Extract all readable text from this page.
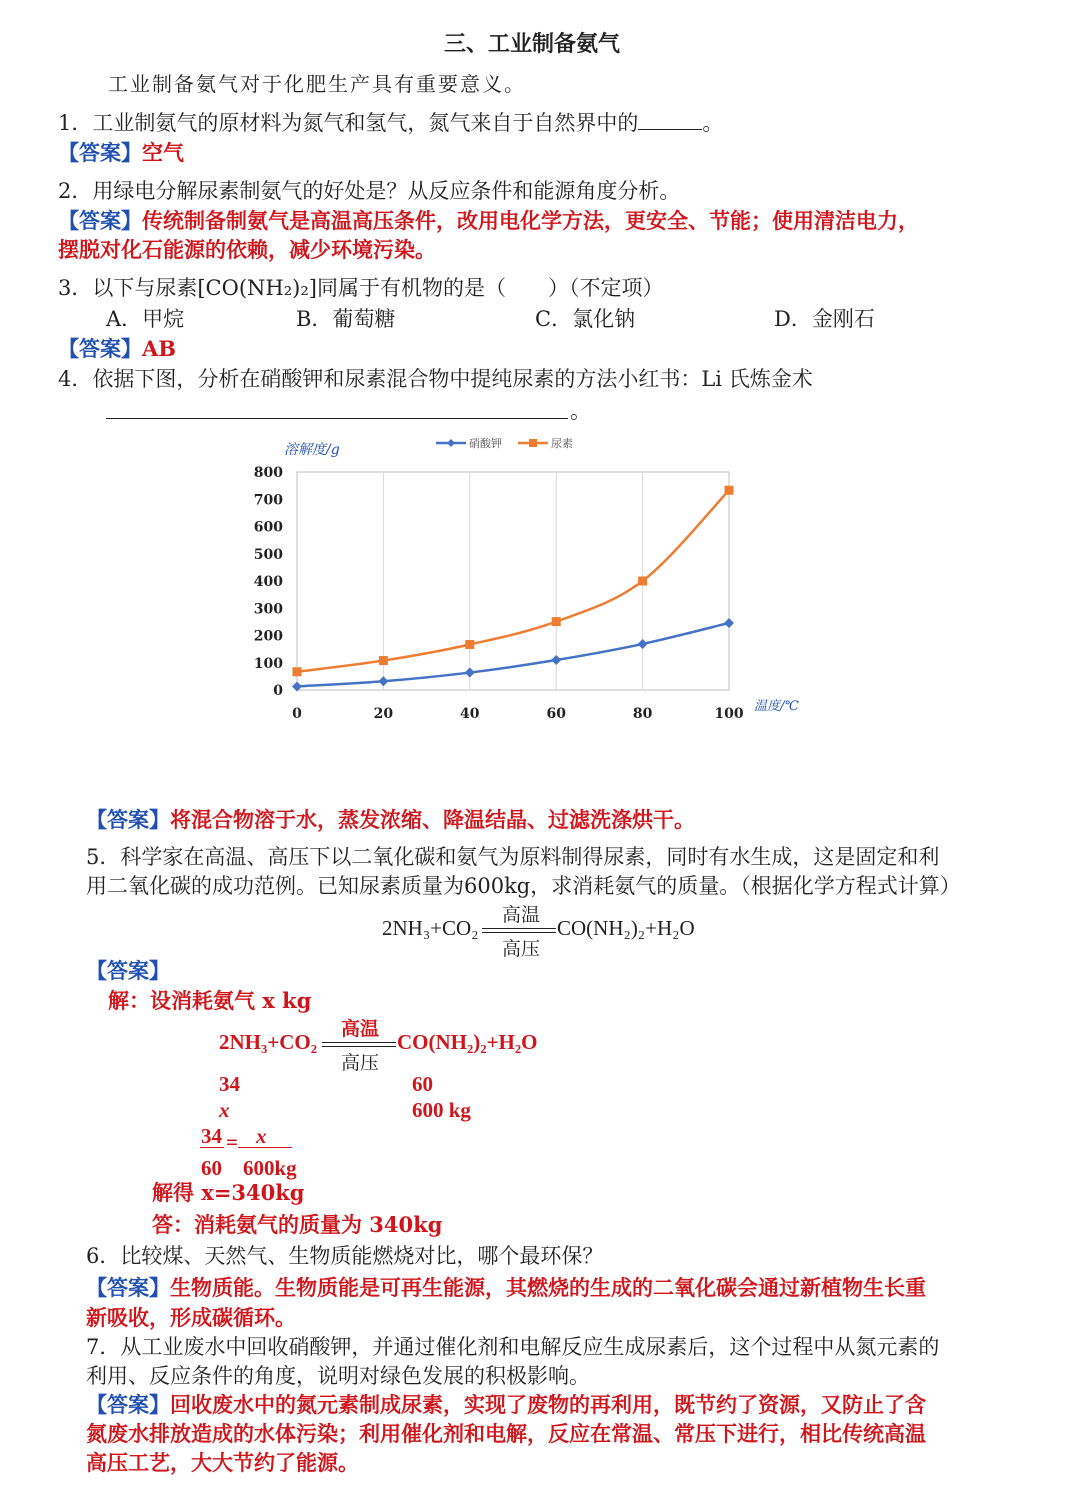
三、工业制备氨气
工业制备氨气对于化肥生产具有重要意义。
1．工业制氨气的原材料为氮气和氢气，氮气来自于自然界中的	。
【答案】空气
2．用绿电分解尿素制氨气的好处是？从反应条件和能源角度分析。
【答案】传统制备制氨气是高温高压条件，改用电化学方法，更安全、节能；使用清洁电力，
摆脱对化石能源的依赖，减少环境污染。
3．以下与尿素[CO(NH₂)₂]同属于有机物的是（　　）（不定项）
A．甲烷	B．葡萄糖	C．氯化钠	D．金刚石
【答案】AB
4．依据下图，分析在硝酸钾和尿素混合物中提纯尿素的方法小红书：Li 氏炼金术
。
0
100
200
300
400
500
600
700
800
0	20	40	60	80	100
溶解度/g
温度/℃
硝酸钾	尿素
【答案】将混合物溶于水，蒸发浓缩、降温结晶、过滤洗涤烘干。
5．科学家在高温、高压下以二氧化碳和氨气为原料制得尿素，同时有水生成，这是固定和利
用二氧化碳的成功范例。已知尿素质量为600kg，求消耗氨气的质量。（根据化学方程式计算）
高温
2NH₃+CO₂	CO(NH₂)₂+H₂O
高压
【答案】
解：设消耗氨气 x kg
高温
2NH₃+CO₂	CO(NH₂)₂+H₂O
高压
34	60
x	600 kg
34 = x
60　600kg
解得 x=340kg
答：消耗氨气的质量为 340kg
6．比较煤、天然气、生物质能燃烧对比，哪个最环保？
【答案】生物质能。生物质能是可再生能源，其燃烧的生成的二氧化碳会通过新植物生长重
新吸收，形成碳循环。
7．从工业废水中回收硝酸钾，并通过催化剂和电解反应生成尿素后，这个过程中从氮元素的
利用、反应条件的角度，说明对绿色发展的积极影响。
【答案】回收废水中的氮元素制成尿素，实现了废物的再利用，既节约了资源，又防止了含
氮废水排放造成的水体污染；利用催化剂和电解，反应在常温、常压下进行，相比传统高温
高压工艺，大大节约了能源。
